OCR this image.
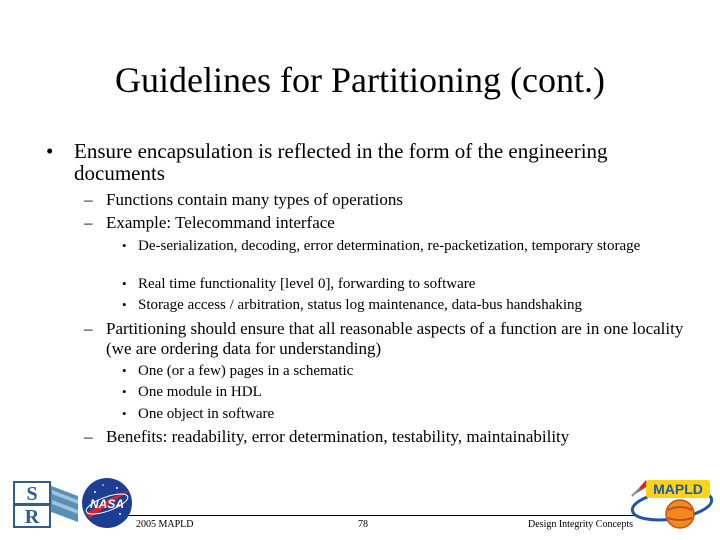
Guidelines for Partitioning (cont.)
• Ensure encapsulation is reflected in the form of the engineering documents
– Functions contain many types of operations
– Example: Telecommand interface
• De-serialization, decoding, error determination, re-packetization, temporary storage
• Real time functionality [level 0], forwarding to software
• Storage access / arbitration, status log maintenance, data-bus handshaking
– Partitioning should ensure that all reasonable aspects of a function are in one locality (we are ordering data for understanding)
• One (or a few) pages in a schematic
• One module in HDL
• One object in software
– Benefits: readability, error determination, testability, maintainability
S
R
NASA
MAPLD
2005 MAPLD	78	Design Integrity Concepts
